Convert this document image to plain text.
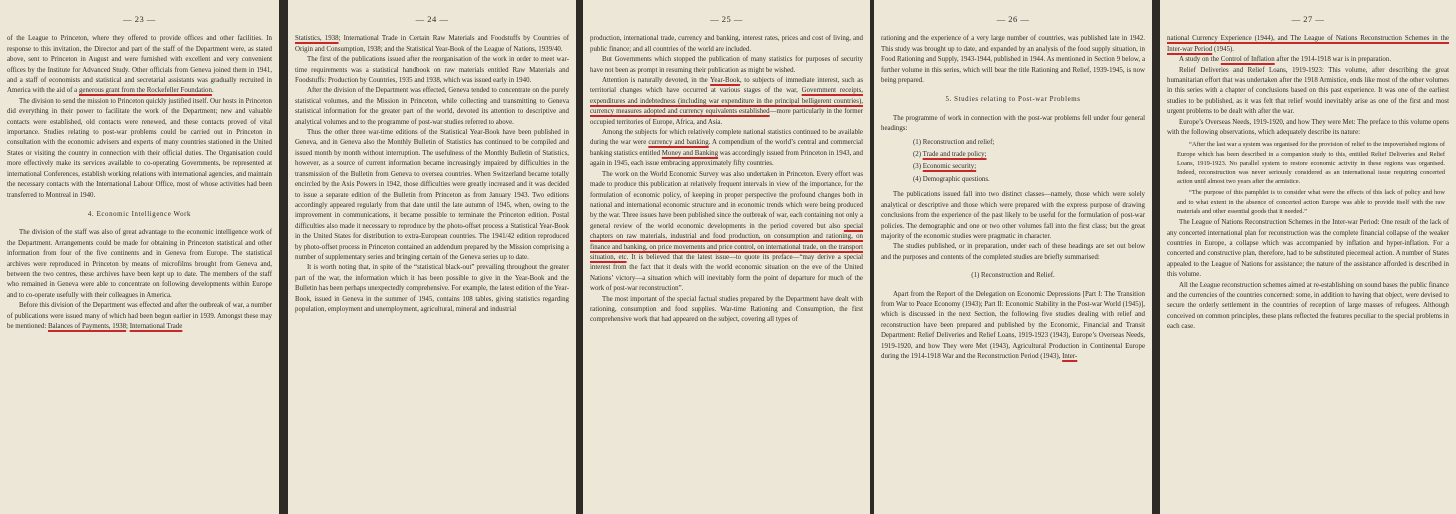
— 23 —

of the League to Princeton, where they offered to provide offices and other facilities. In response to this invitation, the Director and part of the staff of the Department were, as stated above, sent to Princeton in August and were furnished with excellent and very convenient offices by the Institute for Advanced Study. Other officials from Geneva joined them in 1941, and a staff of economists and statistical and secretarial assistants was gradually recruited in America with the aid of a generous grant from the Rockefeller Foundation.

The division to send the mission to Princeton quickly justified itself. Our hosts in Princeton did everything in their power to facilitate the work of the Department; new and valuable contacts were established, old contacts were renewed, and these contacts proved of vital importance. Studies relating to post-war problems could be carried out in Princeton in consultation with the economic advisers and experts of many countries stationed in the United States or visiting the country in connection with their official duties. The Organisation could more effectively make its services available to co-operating Governments, be represented at international Conferences, establish working relations with international agencies, and maintain the necessary contacts with the International Labour Office, most of whose activities had been transferred to Montreal in 1940.

4. Economic Intelligence Work

The division of the staff was also of great advantage to the economic intelligence work of the Department. Arrangements could be made for obtaining in Princeton statistical and other information from four of the five continents and in Geneva from Europe. The statistical archives were reproduced in Princeton by means of microfilms brought from Geneva and, between the two centres, these archives have been kept up to date. The members of the staff who remained in Geneva were able to concentrate on following developments within Europe and to co-operate usefully with their colleagues in America.

Before this division of the Department was effected and after the outbreak of war, a number of publications were issued many of which had been begun earlier in 1939. Amongst these may be mentioned: Balances of Payments, 1938; International Trade

— 24 —

Statistics, 1938; International Trade in Certain Raw Materials and Foodstuffs by Countries of Origin and Consumption, 1938; and the Statistical Year-Book of the League of Nations, 1939/40.

The first of the publications issued after the reorganisation of the work in order to meet war-time requirements was a statistical handbook on raw materials entitled Raw Materials and Foodstuffs: Production by Countries, 1935 and 1938, which was issued early in 1940.

After the division of the Department was effected, Geneva tended to concentrate on the purely statistical volumes, and the Mission in Princeton, while collecting and transmitting to Geneva statistical information for the greater part of the world, devoted its attention to descriptive and analytical volumes and to the programme of post-war studies referred to above.

Thus the other three war-time editions of the Statistical Year-Book have been published in Geneva, and in Geneva also the Monthly Bulletin of Statistics has continued to be compiled and issued month by month without interruption. The usefulness of the Monthly Bulletin of Statistics, however, as a source of current information became increasingly impaired by difficulties in the transmission of the Bulletin from Geneva to oversea countries. When Switzerland became totally encircled by the Axis Powers in 1942, those difficulties were greatly increased and it was decided to issue a separate edition of the Bulletin from Princeton as from January 1943. Two editions accordingly appeared regularly from that date until the late autumn of 1945, when, owing to the improvement in communications, it became possible to terminate the Princeton edition. Postal difficulties also made it necessary to reproduce by the photo-offset process a Statistical Year-Book in the United States for distribution to extra-European countries. The 1941/42 edition reproduced by photo-offset process in Princeton contained an addendum prepared by the Mission comprising a number of supplementary series and bringing certain of the Geneva series up to date.

It is worth noting that, in spite of the “statistical black-out” prevailing throughout the greater part of the war, the information which it has been possible to give in the Year-Book and the Bulletin has been perhaps unexpectedly comprehensive. For example, the latest edition of the Year-Book, issued in Geneva in the summer of 1945, contains 108 tables, giving statistics regarding population, employment and unemployment, agricultural, mineral and industrial

— 25 —

production, international trade, currency and banking, interest rates, prices and cost of living, and public finance; and all countries of the world are included.

But Governments which stopped the publication of many statistics for purposes of security have not been as prompt in resuming their publication as might be wished.

Attention is naturally devoted, in the Year-Book, to subjects of immediate interest, such as territorial changes which have occurred at various stages of the war, Government receipts, expenditures and indebtedness (including war expenditure in the principal belligerent countries), currency measures adopted and currency equivalents established—more particularly in the former occupied territories of Europe, Africa, and Asia.

Among the subjects for which relatively complete national statistics continued to be available during the war were currency and banking. A compendium of the world’s central and commercial banking statistics entitled Money and Banking was accordingly issued from Princeton in 1943, and again in 1945, each issue embracing approximately fifty countries.

The work on the World Economic Survey was also undertaken in Princeton. Every effort was made to produce this publication at relatively frequent intervals in view of the importance, for the formulation of economic policy, of keeping in proper perspective the profound changes both in national and international economic structure and in economic trends which were being produced by the war. Three issues have been published since the outbreak of war, each containing not only a general review of the world economic developments in the period covered but also special chapters on raw materials, industrial and food production, on consumption and rationing, on finance and banking, on price movements and price control, on international trade, on the transport situation, etc. It is believed that the latest issue—to quote its preface—“may derive a special interest from the fact that it deals with the world economic situation on the eve of the United Nations’ victory—a situation which will inevitably form the point of departure for much of the work of post-war reconstruction”.

The most important of the special factual studies prepared by the Department have dealt with rationing, consumption and food supplies. War-time Rationing and Consumption, the first comprehensive work that had appeared on the subject, covering all types of

— 26 —

rationing and the experience of a very large number of countries, was published late in 1942. This study was brought up to date, and expanded by an analysis of the food supply situation, in Food Rationing and Supply, 1943-1944, published in 1944. As mentioned in Section 9 below, a further volume in this series, which will bear the title Rationing and Relief, 1939-1945, is now being prepared.

5. Studies relating to Post-war Problems

The programme of work in connection with the post-war problems fell under four general headings:

(1) Reconstruction and relief;
(2) Trade and trade policy;
(3) Economic security;
(4) Demographic questions.

The publications issued fall into two distinct classes—namely, those which were solely analytical or descriptive and those which were prepared with the express purpose of drawing conclusions from the experience of the past likely to be useful for the formulation of post-war policies. The demographic and one or two other volumes fall into the first class; but the great majority of the economic studies were pragmatic in character.

The studies published, or in preparation, under each of these headings are set out below and the purposes and contents of the completed studies are briefly summarised:

(1) Reconstruction and Relief.

Apart from the Report of the Delegation on Economic Depressions [Part I: The Transition from War to Peace Economy (1943); Part II: Economic Stability in the Post-war World (1945)], which is discussed in the next Section, the following five studies dealing with relief and reconstruction have been prepared and published by the Economic, Financial and Transit Department: Relief Deliveries and Relief Loans, 1919-1923 (1943), Europe’s Overseas Needs, 1919-1920, and how They were Met (1943), Agricultural Production in Continental Europe during the 1914-1918 War and the Reconstruction Period (1943), Inter-

— 27 —

national Currency Experience (1944), and The League of Nations Reconstruction Schemes in the Inter-war Period (1945).

A study on the Control of Inflation after the 1914-1918 war is in preparation.

Relief Deliveries and Relief Loans, 1919-1923: This volume, after describing the great humanitarian effort that was undertaken after the 1918 Armistice, ends like most of the other volumes in this series with a chapter of conclusions based on this past experience. It was one of the earliest studies to be published, as it was felt that relief would inevitably arise as one of the first and most urgent problems to be dealt with after the war.

Europe’s Overseas Needs, 1919-1920, and how They were Met: The preface to this volume opens with the following observations, which adequately describe its nature:

“After the last war a system was organised for the provision of relief to the impoverished regions of Europe which has been described in a companion study to this, entitled Relief Deliveries and Relief Loans, 1919-1923. No parallel system to restore economic activity in these regions was organised. Indeed, reconstruction was never seriously considered as an international issue requiring concerted action until almost two years after the armistice.

“The purpose of this pamphlet is to consider what were the effects of this lack of policy and how and to what extent in the absence of concerted action Europe was able to provide itself with the raw materials and other essential goods that it needed.”

The League of Nations Reconstruction Schemes in the Inter-war Period: One result of the lack of any concerted international plan for reconstruction was the complete financial collapse of the weaker countries in Europe, a collapse which was accompanied by inflation and hyper-inflation. For a concerted and constructive plan, therefore, had to be substituted piecemeal action. A number of States appealed to the League of Nations for assistance; the nature of the assistance afforded is described in this volume.

All the League reconstruction schemes aimed at re-establishing on sound bases the public finance and the currencies of the countries concerned: some, in addition to having that object, were devised to secure the orderly settlement in the countries of reception of large masses of refugees. Although conceived on common principles, these plans reflected the features peculiar to the special problems in each case.
